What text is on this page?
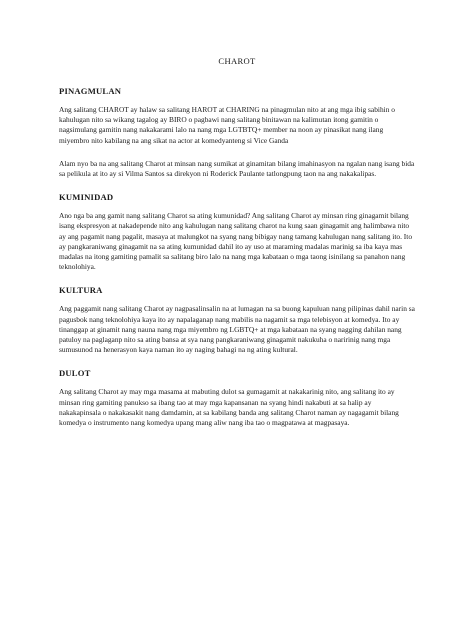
CHAROT
PINAGMULAN

Ang salitang CHAROT ay halaw sa salitang HAROT at CHARING na pinagmulan nito at ang mga ibig sabihin o kahulugan nito sa wikang tagalog ay BIRO o pagbawi nang salitang binitawan na kalimutan itong gamitin o nagsimulang gamitin nang nakakarami lalo na nang mga LGTBTQ+ member na noon ay pinasikat nang ilang miyembro nito kabilang na ang sikat na actor at komedyanteng si Vice Ganda

Alam nyo ba na ang salitang Charot at minsan nang sumikat at ginamitan bilang imahinasyon na ngalan nang isang bida sa pelikula at ito ay si Vilma Santos sa direkyon ni Roderick Paulante tatlongpung taon na ang nakakalipas.

KUMINIDAD

Ano nga ba ang gamit nang salitang Charot sa ating kumunidad? Ang salitang Charot ay minsan ring ginagamit bilang isang ekspresyon at nakadepende nito ang kahulugan nang salitang charot na kung saan ginagamit ang halimbawa nito ay ang pagamit nang pagalit, masaya at malungkot na syang nang bibigay nang tamang kahulugan nang salitang ito. Ito ay pangkaraniwang ginagamit na sa ating kumunidad dahil ito ay uso at maraming madalas marinig sa iba kaya mas madalas na itong gamiting pamalit sa salitang biro lalo na nang mga kabataan o mga taong isinilang sa panahon nang teknolohiya.

KULTURA

Ang paggamit nang salitang Charot ay nagpasalinsalin na at lumagan na sa buong kapuluan nang pilipinas dahil narin sa pagusbok nang teknolohiya kaya ito ay napalaganap nang mabilis na nagamit sa mga telebisyon at komedya. Ito ay tinanggap at ginamit nang nauna nang mga miyembro ng LGBTQ+ at mga kabataan na syang nagging dahilan nang patuloy na paglaganp nito sa ating bansa at sya nang pangkaraniwang ginagamit nakukuha o naririnig nang mga sumusunod na henerasyon kaya naman ito ay naging bahagi na ng ating kultural.

DULOT

Ang salitang Charot ay may mga masama at mabuting dulot sa gumagamit at nakakarinig nito, ang salitang ito ay minsan ring gamiting panukso sa ibang tao at may mga kapansanan na syang hindi nakabuti at sa halip ay nakakapinsala o nakakasakit nang damdamin, at sa kabilang banda ang salitang Charot naman ay nagagamit bilang komedya o instrumento nang komedya upang mang aliw nang iba tao o magpatawa at magpasaya.
